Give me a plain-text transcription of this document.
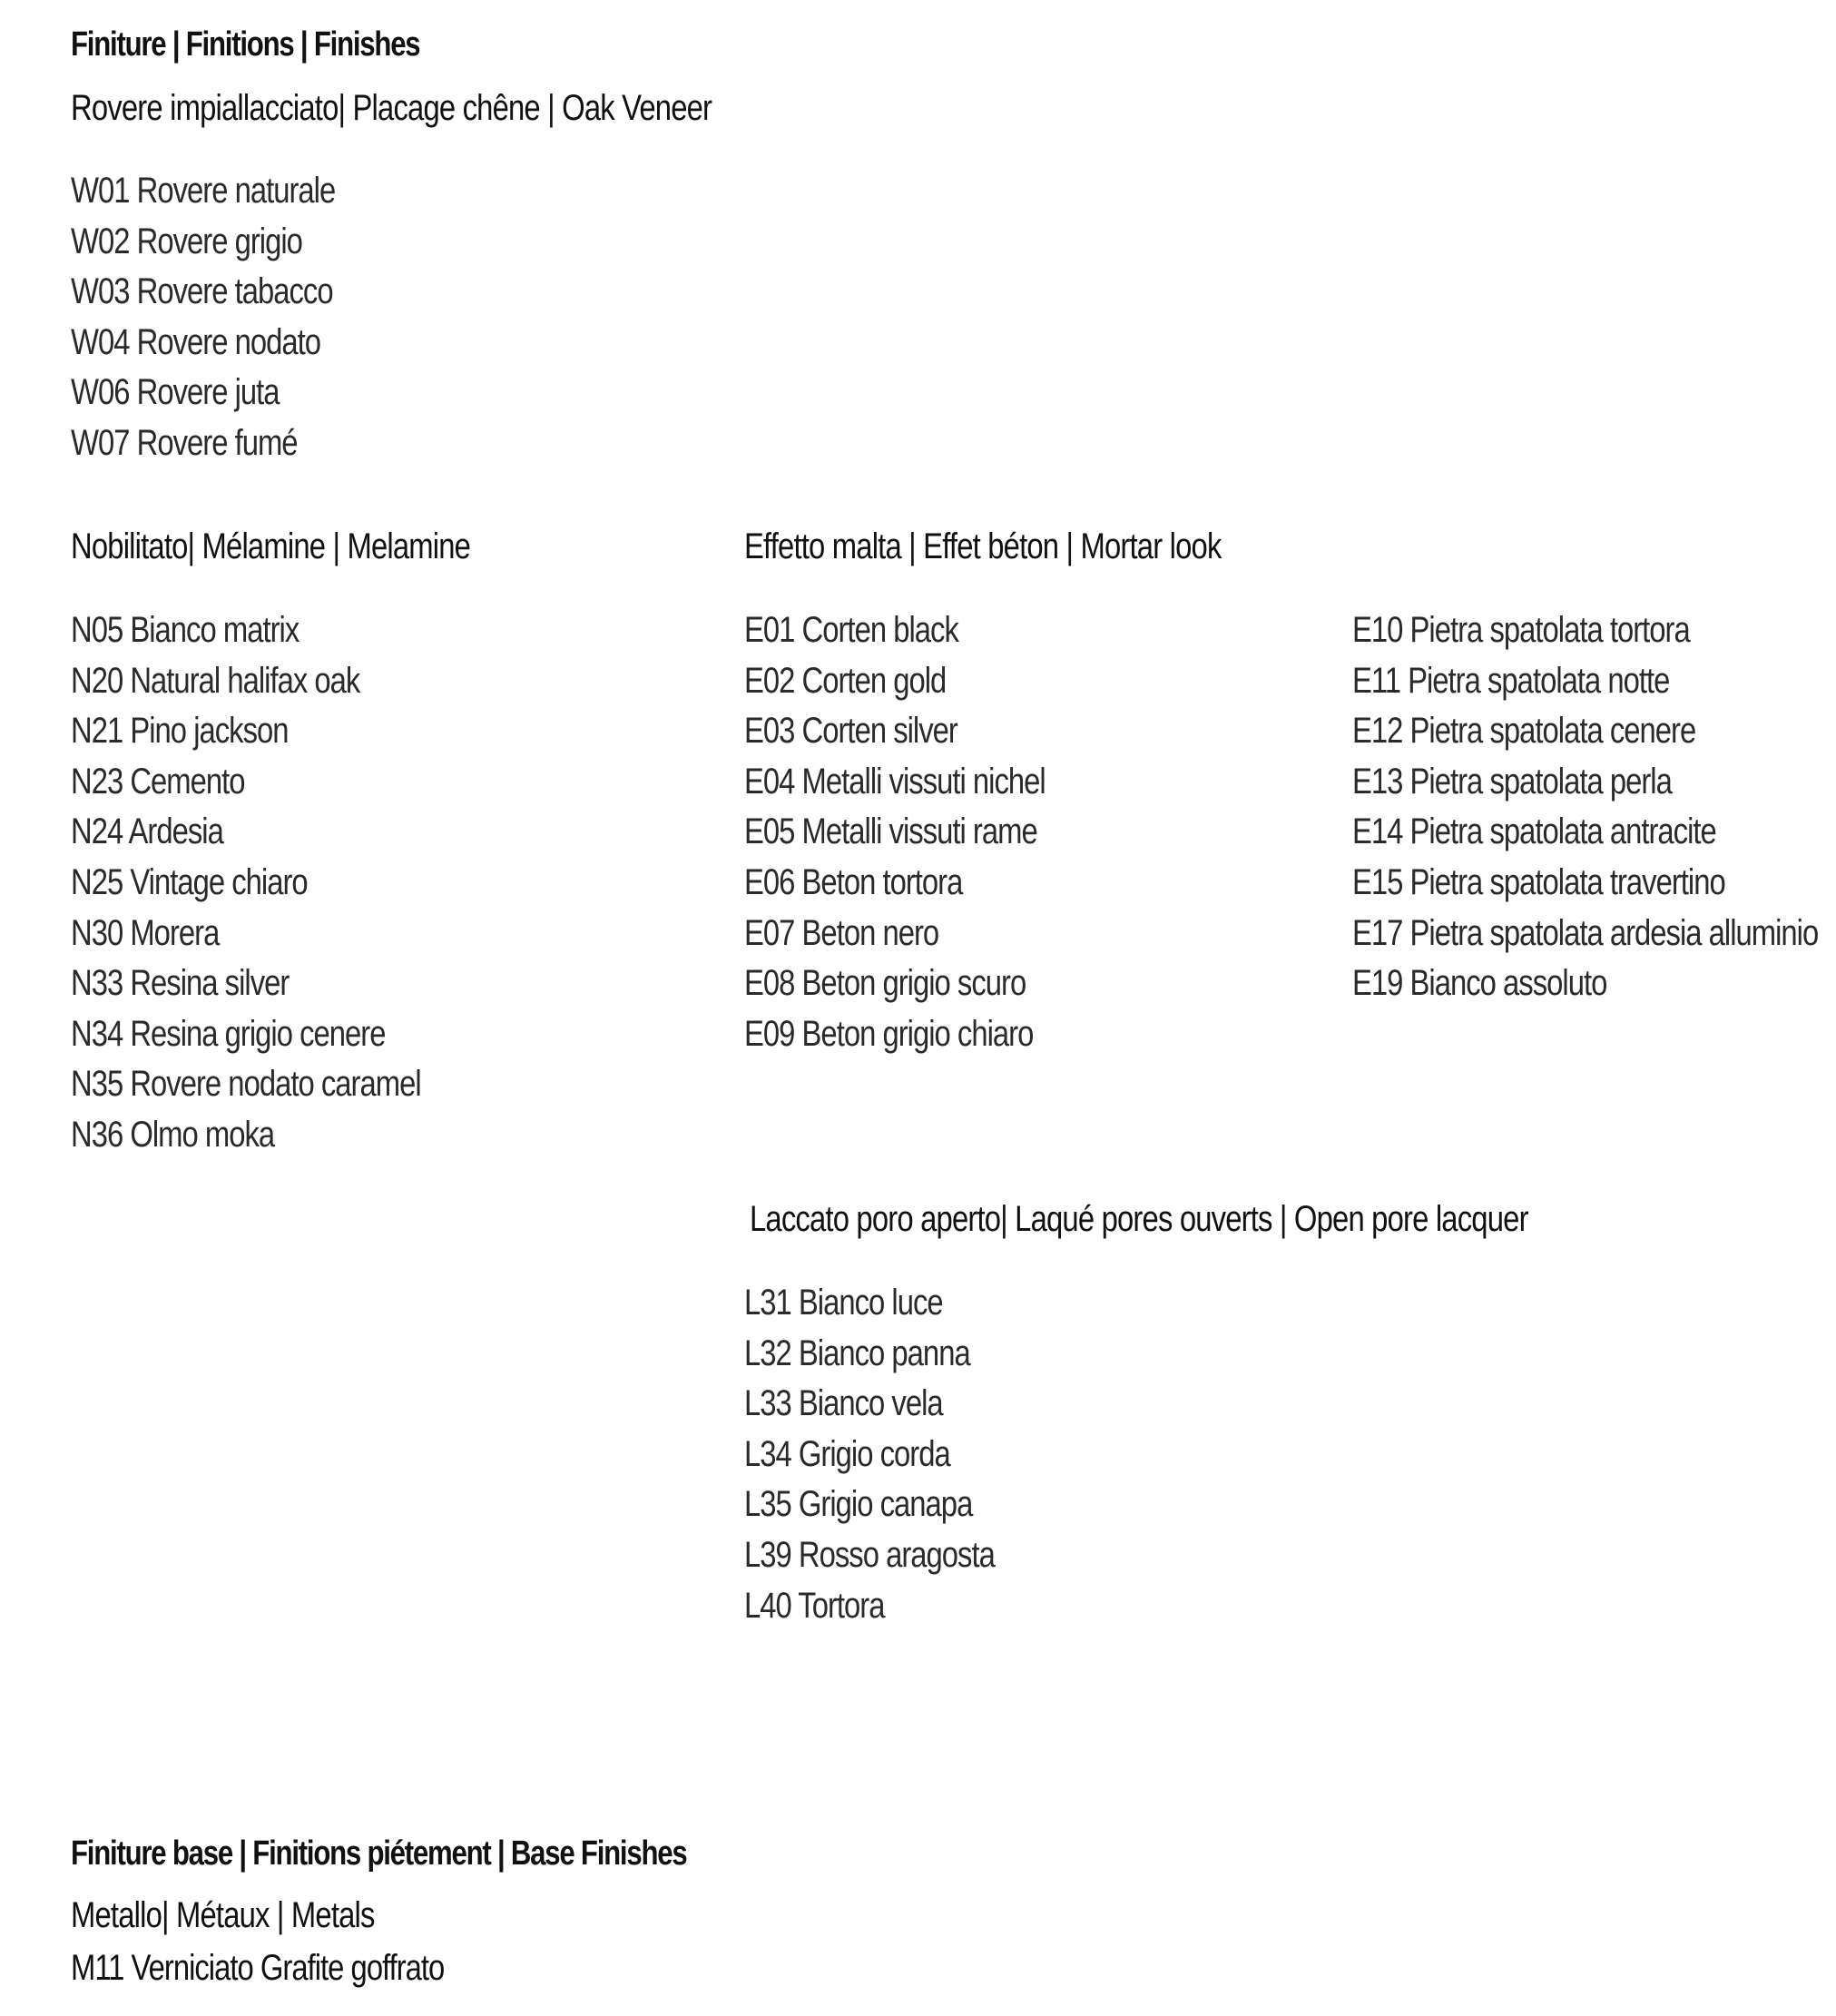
Finiture | Finitions | Finishes
Rovere impiallacciato| Placage chêne | Oak Veneer
W01 Rovere naturale
W02 Rovere grigio
W03 Rovere tabacco
W04 Rovere nodato
W06 Rovere juta
W07 Rovere fumé
Nobilitato| Mélamine | Melamine
N05 Bianco matrix
N20 Natural halifax oak
N21 Pino jackson
N23 Cemento
N24 Ardesia
N25 Vintage chiaro
N30 Morera
N33 Resina silver
N34 Resina grigio cenere
N35 Rovere nodato caramel
N36 Olmo moka
Effetto malta | Effet béton | Mortar look
E01 Corten black
E02 Corten gold
E03 Corten silver
E04 Metalli vissuti nichel
E05 Metalli vissuti rame
E06 Beton tortora
E07 Beton nero
E08 Beton grigio scuro
E09 Beton grigio chiaro
E10 Pietra spatolata tortora
E11 Pietra spatolata notte
E12 Pietra spatolata cenere
E13 Pietra spatolata perla
E14 Pietra spatolata antracite
E15 Pietra spatolata travertino
E17 Pietra spatolata ardesia alluminio
E19 Bianco assoluto
Laccato poro aperto| Laqué pores ouverts | Open pore lacquer
L31 Bianco luce
L32 Bianco panna
L33 Bianco vela
L34 Grigio corda
L35 Grigio canapa
L39 Rosso aragosta
L40 Tortora
Finiture base | Finitions piétement | Base Finishes
Metallo| Métaux | Metals
M11 Verniciato Grafite goffrato
